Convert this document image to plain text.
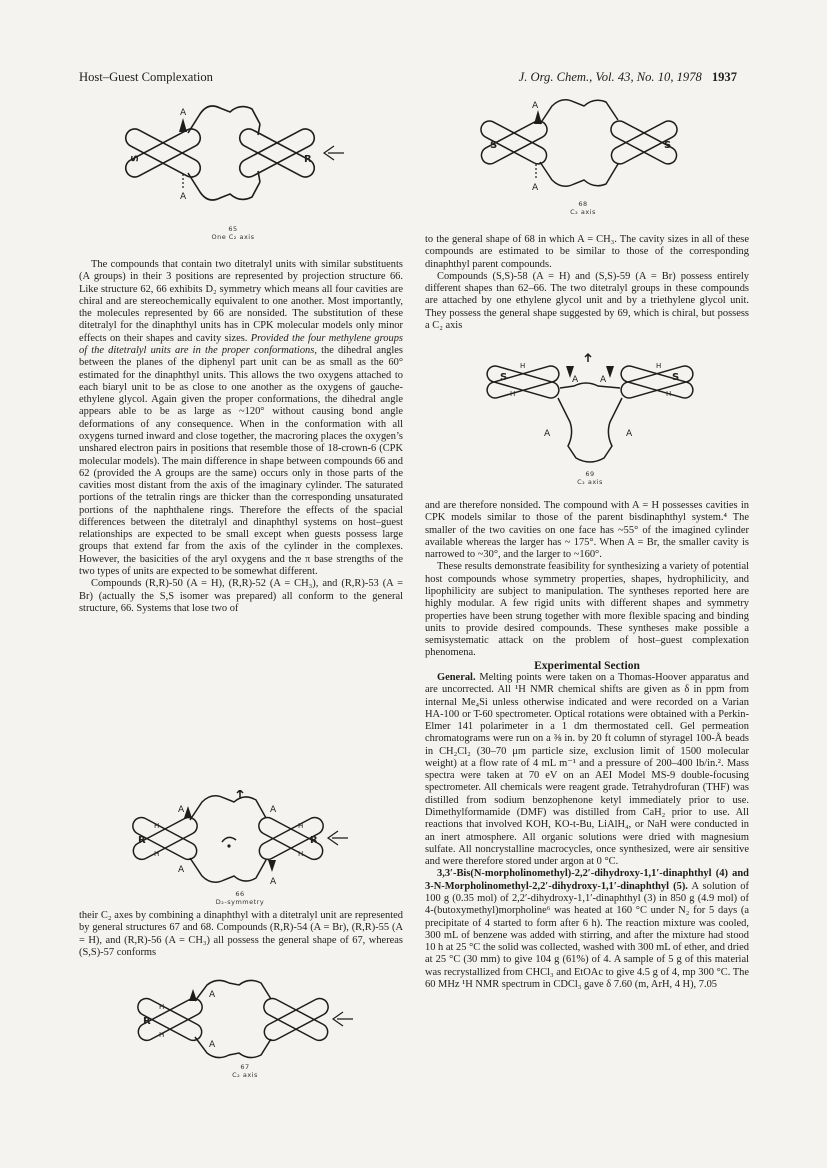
Host–Guest Complexation	J. Org. Chem., Vol. 43, No. 10, 1978 1937
A
A
S	R
65
One C₂ axis

The compounds that contain two ditetralyl units with similar substituents (A groups) in their 3 positions are represented by projection structure 66. Like structure 62, 66 exhibits D₂ symmetry which means all four cavities are chiral and are stereochemically equivalent to one another. Most importantly, the molecules represented by 66 are nonsided. The substitution of these ditetralyl for the dinaphthyl units has in CPK molecular models only minor effects on their shapes and cavity sizes. Provided the four methylene groups of the ditetralyl units are in the proper conformations, the dihedral angles between the planes of the diphenyl part unit can be as small as the 60° estimated for the dinaphthyl units. This allows the two oxygens attached to each biaryl unit to be as close to one another as the oxygens of gauche-ethylene glycol. Again given the proper conformations, the dihedral angle appears able to be as large as ~120° without causing bond angle deformations of any consequence. When in the conformation with all oxygens turned inward and close together, the macroring places the oxygen’s unshared electron pairs in positions that resemble those of 18-crown-6 (CPK molecular models). The main difference in shape between compounds 66 and 62 (provided the A groups are the same) occurs only in those parts of the cavities most distant from the axis of the imaginary cylinder. The saturated portions of the tetralin rings are thicker than the corresponding unsaturated portions of the naphthalene rings. Therefore the effects of the spacial differences between the ditetralyl and dinaphthyl systems on host–guest relationships are expected to be small except when guests possess large groups that extend far from the axis of the cylinder in the complexes. However, the basicities of the aryl oxygens and the π base strengths of the two types of units are expected to be somewhat different.

Compounds (R,R)-50 (A = H), (R,R)-52 (A = CH₃), and (R,R)-53 (A = Br) (actually the S,S isomer was prepared) all conform to the general structure, 66. Systems that lose two of

A
A
A
A
R	R
H
H
H
H
66
D₂-symmetry

their C₂ axes by combining a dinaphthyl with a ditetralyl unit are represented by general structures 67 and 68. Compounds (R,R)-54 (A = Br), (R,R)-55 (A = H), and (R,R)-56 (A = CH₃) all possess the general shape of 67, whereas (S,S)-57 conforms

A
A
R
H
H
67
C₂ axis
A
A
S	S
68
C₂ axis

to the general shape of 68 in which A = CH₃. The cavity sizes in all of these compounds are estimated to be similar to those of the corresponding dinaphthyl parent compounds.

Compounds (S,S)-58 (A = H) and (S,S)-59 (A = Br) possess entirely different shapes than 62–66. The two ditetralyl groups in these compounds are attached by one ethylene glycol unit and by a triethylene glycol unit. They possess the general shape suggested by 69, which is chiral, but possess a C₂ axis

A A
A	A
S	S
H
H
H
H
69
C₂ axis

and are therefore nonsided. The compound with A = H possesses cavities in CPK models similar to those of the parent bisdinaphthyl system.⁴ The smaller of the two cavities on one face has ~55° of the imagined cylinder available whereas the larger has ~ 175°. When A = Br, the smaller cavity is narrowed to ~30°, and the larger to ~160°.

These results demonstrate feasibility for synthesizing a variety of potential host compounds whose symmetry properties, shapes, hydrophilicity, and lipophilicity are subject to manipulation. The syntheses reported here are highly modular. A few rigid units with different shapes and symmetry properties have been strung together with more flexible spacing and binding units to provide desired compounds. These syntheses make possible a semisystematic attack on the problem of host–guest complexation phenomena.

Experimental Section

General. Melting points were taken on a Thomas-Hoover apparatus and are uncorrected. All ¹H NMR chemical shifts are given as δ in ppm from internal Me₄Si unless otherwise indicated and were recorded on a Varian HA-100 or T-60 spectrometer. Optical rotations were obtained with a Perkin-Elmer 141 polarimeter in a 1 dm thermostated cell. Gel permeation chromatograms were run on a ⅜ in. by 20 ft column of styragel 100-Å beads in CH₂Cl₂ (30–70 μm particle size, exclusion limit of 1500 molecular weight) at a flow rate of 4 mL m⁻¹ and a pressure of 200–400 lb/in.². Mass spectra were taken at 70 eV on an AEI Model MS-9 double-focusing spectrometer. All chemicals were reagent grade. Tetrahydrofuran (THF) was distilled from sodium benzophenone ketyl immediately prior to use. Dimethylformamide (DMF) was distilled from CaH₂ prior to use. All reactions that involved KOH, KO-t-Bu, LiAlH₄, or NaH were conducted in an inert atmosphere. All organic solutions were dried with magnesium sulfate. All noncrystalline macrocycles, once synthesized, were air sensitive and were therefore stored under argon at 0 °C.

3,3′-Bis(N-morpholinomethyl)-2,2′-dihydroxy-1,1′-dinaphthyl (4) and 3-N-Morpholinomethyl-2,2′-dihydroxy-1,1′-dinaphthyl (5). A solution of 100 g (0.35 mol) of 2,2′-dihydroxy-1,1′-dinaphthyl (3) in 850 g (4.9 mol) of 4-(butoxymethyl)morpholine⁶ was heated at 160 °C under N₂ for 5 days (a precipitate of 4 started to form after 6 h). The reaction mixture was cooled, 300 mL of benzene was added with stirring, and after the mixture had stood 10 h at 25 °C the solid was collected, washed with 300 mL of ether, and dried at 25 °C (30 mm) to give 104 g (61%) of 4. A sample of 5 g of this material was recrystallized from CHCl₃ and EtOAc to give 4.5 g of 4, mp 300 °C. The 60 MHz ¹H NMR spectrum in CDCl₃ gave δ 7.60 (m, ArH, 4 H), 7.05
